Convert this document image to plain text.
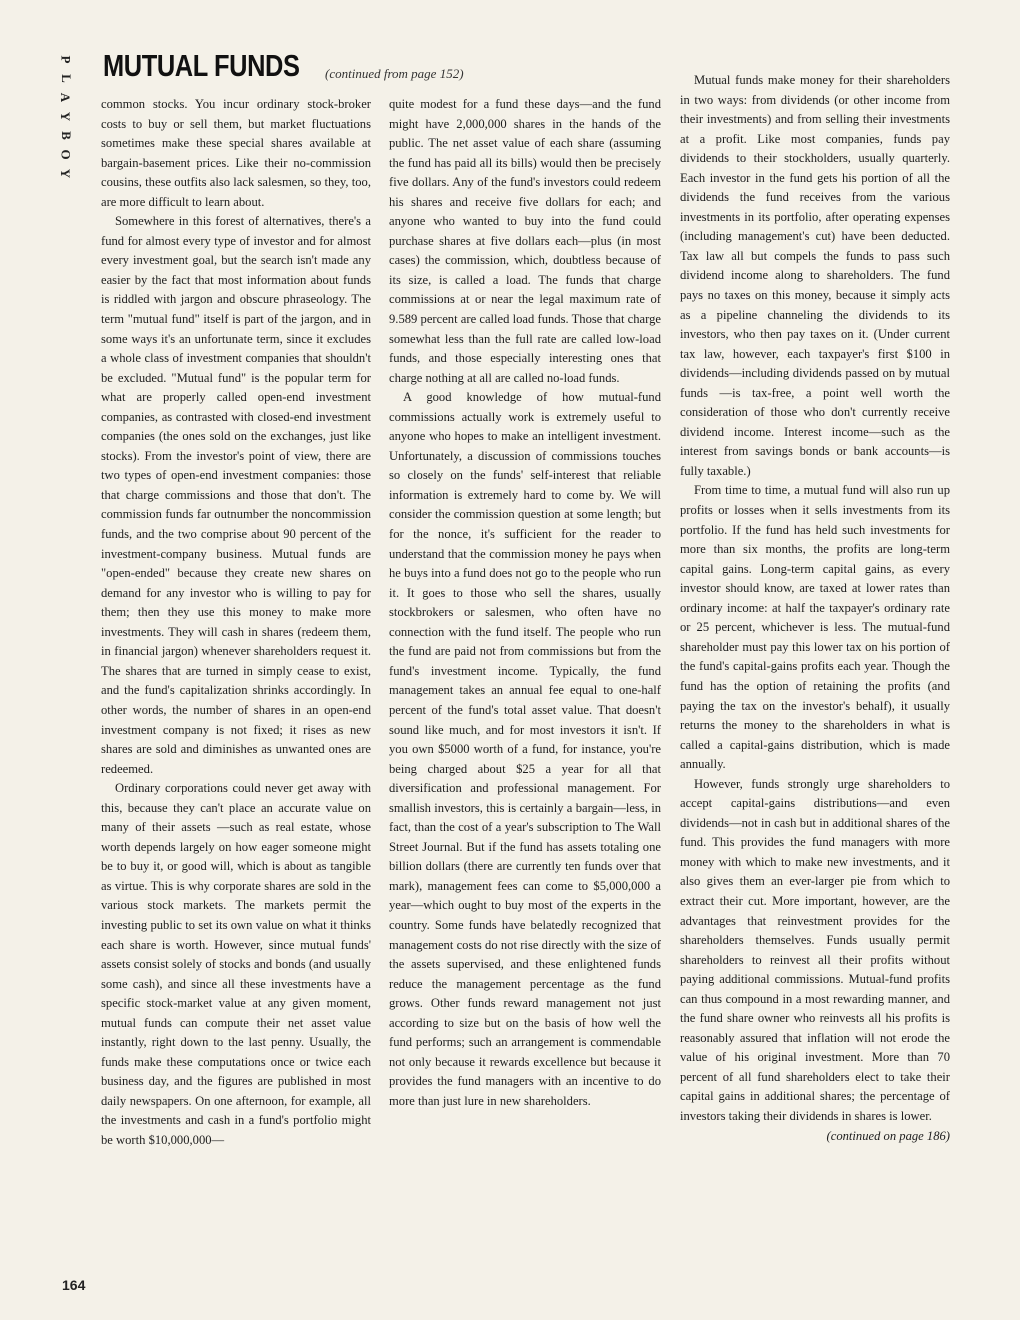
P
L
A
Y
B
O
Y
MUTUAL FUNDS (continued from page 152)

common stocks. You incur ordinary stock-broker costs to buy or sell them, but market fluctuations sometimes make these special shares available at bargain-basement prices. Like their no-commission cousins, these outfits also lack salesmen, so they, too, are more difficult to learn about.

Somewhere in this forest of alternatives, there's a fund for almost every type of investor and for almost every investment goal, but the search isn't made any easier by the fact that most information about funds is riddled with jargon and obscure phraseology. The term "mutual fund" itself is part of the jargon, and in some ways it's an unfortunate term, since it excludes a whole class of investment companies that shouldn't be excluded. "Mutual fund" is the popular term for what are properly called open-end investment companies, as contrasted with closed-end investment companies (the ones sold on the exchanges, just like stocks). From the investor's point of view, there are two types of open-end investment companies: those that charge commissions and those that don't. The commission funds far outnumber the noncommission funds, and the two comprise about 90 percent of the investment-company business. Mutual funds are "open-ended" because they create new shares on demand for any investor who is willing to pay for them; then they use this money to make more investments. They will cash in shares (redeem them, in financial jargon) whenever shareholders request it. The shares that are turned in simply cease to exist, and the fund's capitalization shrinks accordingly. In other words, the number of shares in an open-end investment company is not fixed; it rises as new shares are sold and diminishes as unwanted ones are redeemed.

Ordinary corporations could never get away with this, because they can't place an accurate value on many of their assets —such as real estate, whose worth depends largely on how eager someone might be to buy it, or good will, which is about as tangible as virtue. This is why corporate shares are sold in the various stock markets. The markets permit the investing public to set its own value on what it thinks each share is worth. However, since mutual funds' assets consist solely of stocks and bonds (and usually some cash), and since all these investments have a specific stock-market value at any given moment, mutual funds can compute their net asset value instantly, right down to the last penny. Usually, the funds make these computations once or twice each business day, and the figures are published in most daily newspapers. On one afternoon, for example, all the investments and cash in a fund's portfolio might be worth $10,000,000—

quite modest for a fund these days—and the fund might have 2,000,000 shares in the hands of the public. The net asset value of each share (assuming the fund has paid all its bills) would then be precisely five dollars. Any of the fund's investors could redeem his shares and receive five dollars for each; and anyone who wanted to buy into the fund could purchase shares at five dollars each—plus (in most cases) the commission, which, doubtless because of its size, is called a load. The funds that charge commissions at or near the legal maximum rate of 9.589 percent are called load funds. Those that charge somewhat less than the full rate are called low-load funds, and those especially interesting ones that charge nothing at all are called no-load funds.

A good knowledge of how mutual-fund commissions actually work is extremely useful to anyone who hopes to make an intelligent investment. Unfortunately, a discussion of commissions touches so closely on the funds' self-interest that reliable information is extremely hard to come by. We will consider the commission question at some length; but for the nonce, it's sufficient for the reader to understand that the commission money he pays when he buys into a fund does not go to the people who run it. It goes to those who sell the shares, usually stockbrokers or salesmen, who often have no connection with the fund itself. The people who run the fund are paid not from commissions but from the fund's investment income. Typically, the fund management takes an annual fee equal to one-half percent of the fund's total asset value. That doesn't sound like much, and for most investors it isn't. If you own $5000 worth of a fund, for instance, you're being charged about $25 a year for all that diversification and professional management. For smallish investors, this is certainly a bargain—less, in fact, than the cost of a year's subscription to The Wall Street Journal. But if the fund has assets totaling one billion dollars (there are currently ten funds over that mark), management fees can come to $5,000,000 a year—which ought to buy most of the experts in the country. Some funds have belatedly recognized that management costs do not rise directly with the size of the assets supervised, and these enlightened funds reduce the management percentage as the fund grows. Other funds reward management not just according to size but on the basis of how well the fund performs; such an arrangement is commendable not only because it rewards excellence but because it provides the fund managers with an incentive to do more than just lure in new shareholders.

Mutual funds make money for their shareholders in two ways: from dividends (or other income from their investments) and from selling their investments at a profit. Like most companies, funds pay dividends to their stockholders, usually quarterly. Each investor in the fund gets his portion of all the dividends the fund receives from the various investments in its portfolio, after operating expenses (including management's cut) have been deducted. Tax law all but compels the funds to pass such dividend income along to shareholders. The fund pays no taxes on this money, because it simply acts as a pipeline channeling the dividends to its investors, who then pay taxes on it. (Under current tax law, however, each taxpayer's first $100 in dividends—including dividends passed on by mutual funds —is tax-free, a point well worth the consideration of those who don't currently receive dividend income. Interest income—such as the interest from savings bonds or bank accounts—is fully taxable.)

From time to time, a mutual fund will also run up profits or losses when it sells investments from its portfolio. If the fund has held such investments for more than six months, the profits are long-term capital gains. Long-term capital gains, as every investor should know, are taxed at lower rates than ordinary income: at half the taxpayer's ordinary rate or 25 percent, whichever is less. The mutual-fund shareholder must pay this lower tax on his portion of the fund's capital-gains profits each year. Though the fund has the option of retaining the profits (and paying the tax on the investor's behalf), it usually returns the money to the shareholders in what is called a capital-gains distribution, which is made annually.

However, funds strongly urge shareholders to accept capital-gains distributions—and even dividends—not in cash but in additional shares of the fund. This provides the fund managers with more money with which to make new investments, and it also gives them an ever-larger pie from which to extract their cut. More important, however, are the advantages that reinvestment provides for the shareholders themselves. Funds usually permit shareholders to reinvest all their profits without paying additional commissions. Mutual-fund profits can thus compound in a most rewarding manner, and the fund share owner who reinvests all his profits is reasonably assured that inflation will not erode the value of his original investment. More than 70 percent of all fund shareholders elect to take their capital gains in additional shares; the percentage of investors taking their dividends in shares is lower.

(continued on page 186)

164
